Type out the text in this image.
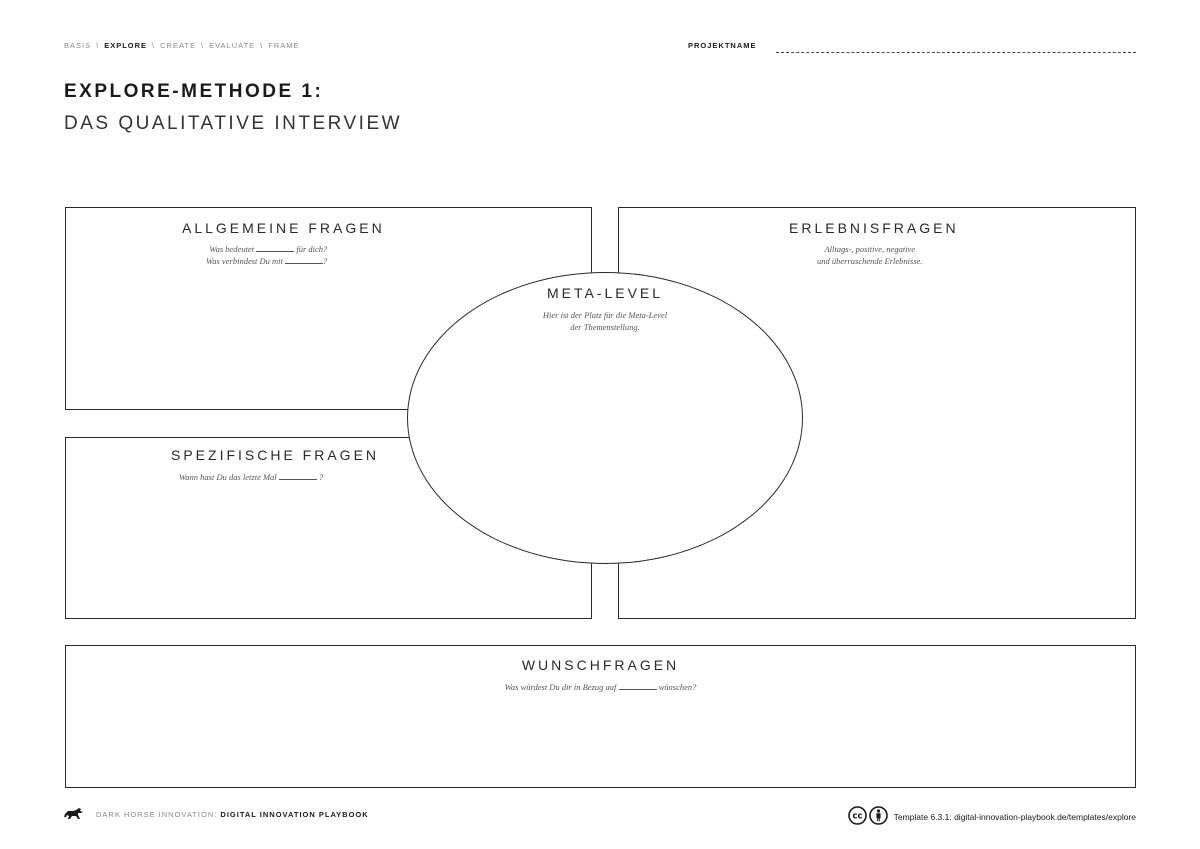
BASIS \ EXPLORE \ CREATE \ EVALUATE \ FRAME	PROJEKTNAME
EXPLORE-METHODE 1:
DAS QUALITATIVE INTERVIEW
ALLGEMEINE FRAGEN
Was bedeutet	für dich?
Was verbindest Du mit	?
SPEZIFISCHE FRAGEN
Wann hast Du das letzte Mal	?
ERLEBNISFRAGEN
Alltags-, positive, negative
und überraschende Erlebnisse.
META-LEVEL
Hier ist der Platz für die Meta-Level
der Themenstellung.
WUNSCHFRAGEN
Was würdest Du dir in Bezug auf	wünschen?
DARK HORSE INNOVATION:
DIGITAL INNOVATION PLAYBOOK	cc	Template 6.3.1: digital-innovation-playbook.de/templates/explore
